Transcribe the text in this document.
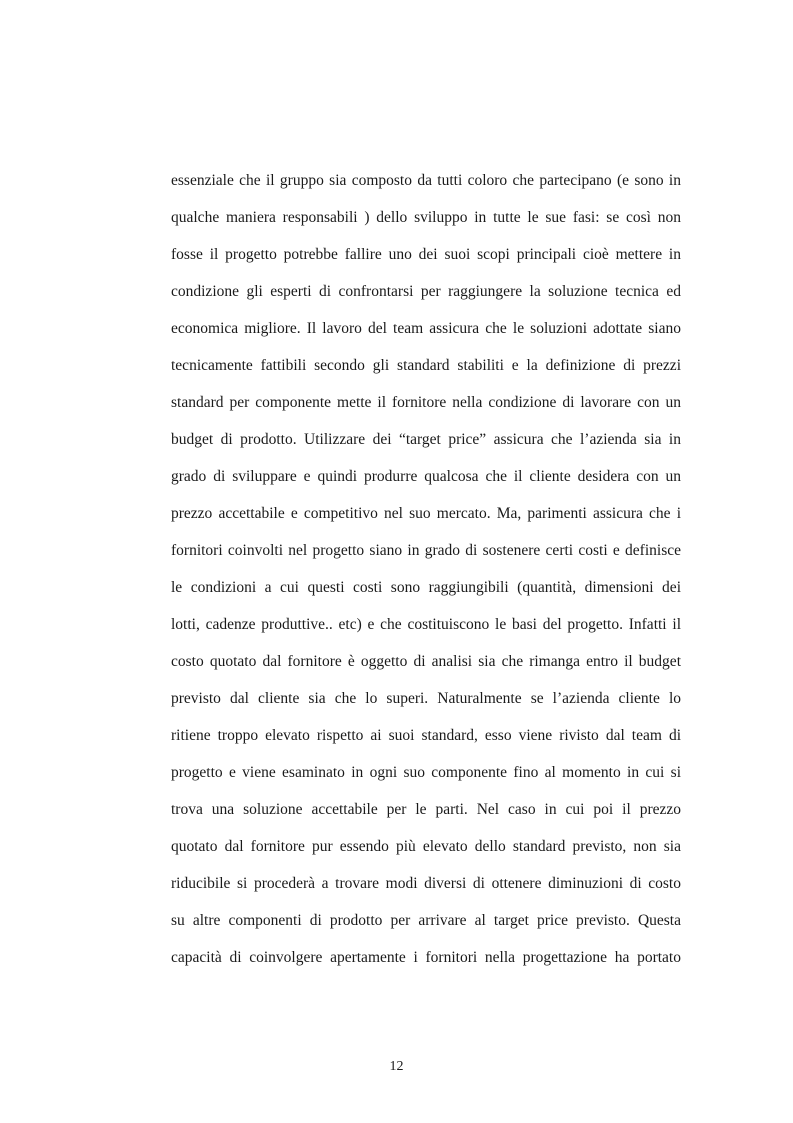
essenziale che il gruppo sia composto da tutti coloro che partecipano (e sono in
qualche maniera responsabili ) dello sviluppo in tutte le sue fasi: se così non
fosse il progetto potrebbe fallire uno dei suoi scopi principali cioè mettere in
condizione gli esperti di confrontarsi per raggiungere la soluzione tecnica ed
economica migliore. Il lavoro del team assicura che le soluzioni adottate siano
tecnicamente fattibili secondo gli standard stabiliti e la definizione di prezzi
standard per componente mette il fornitore nella condizione di lavorare con un
budget di prodotto. Utilizzare dei “target price” assicura che l’azienda sia in
grado di sviluppare e quindi produrre qualcosa che il cliente desidera con un
prezzo accettabile e competitivo nel suo mercato. Ma, parimenti assicura che i
fornitori coinvolti nel progetto siano in grado di sostenere certi costi e definisce
le condizioni a cui questi costi sono raggiungibili (quantità, dimensioni dei
lotti, cadenze produttive.. etc) e che costituiscono le basi del progetto. Infatti il
costo quotato dal fornitore è oggetto di analisi sia che rimanga entro il budget
previsto dal cliente sia che lo superi. Naturalmente se l’azienda cliente lo
ritiene troppo elevato rispetto ai suoi standard, esso viene rivisto dal team di
progetto e viene esaminato in ogni suo componente fino al momento in cui si
trova una soluzione accettabile per le parti. Nel caso in cui poi il prezzo
quotato dal fornitore pur essendo più elevato dello standard previsto, non sia
riducibile si procederà a trovare modi diversi di ottenere diminuzioni di costo
su altre componenti di prodotto per arrivare al target price previsto. Questa
capacità di coinvolgere apertamente i fornitori nella progettazione ha portato
12
